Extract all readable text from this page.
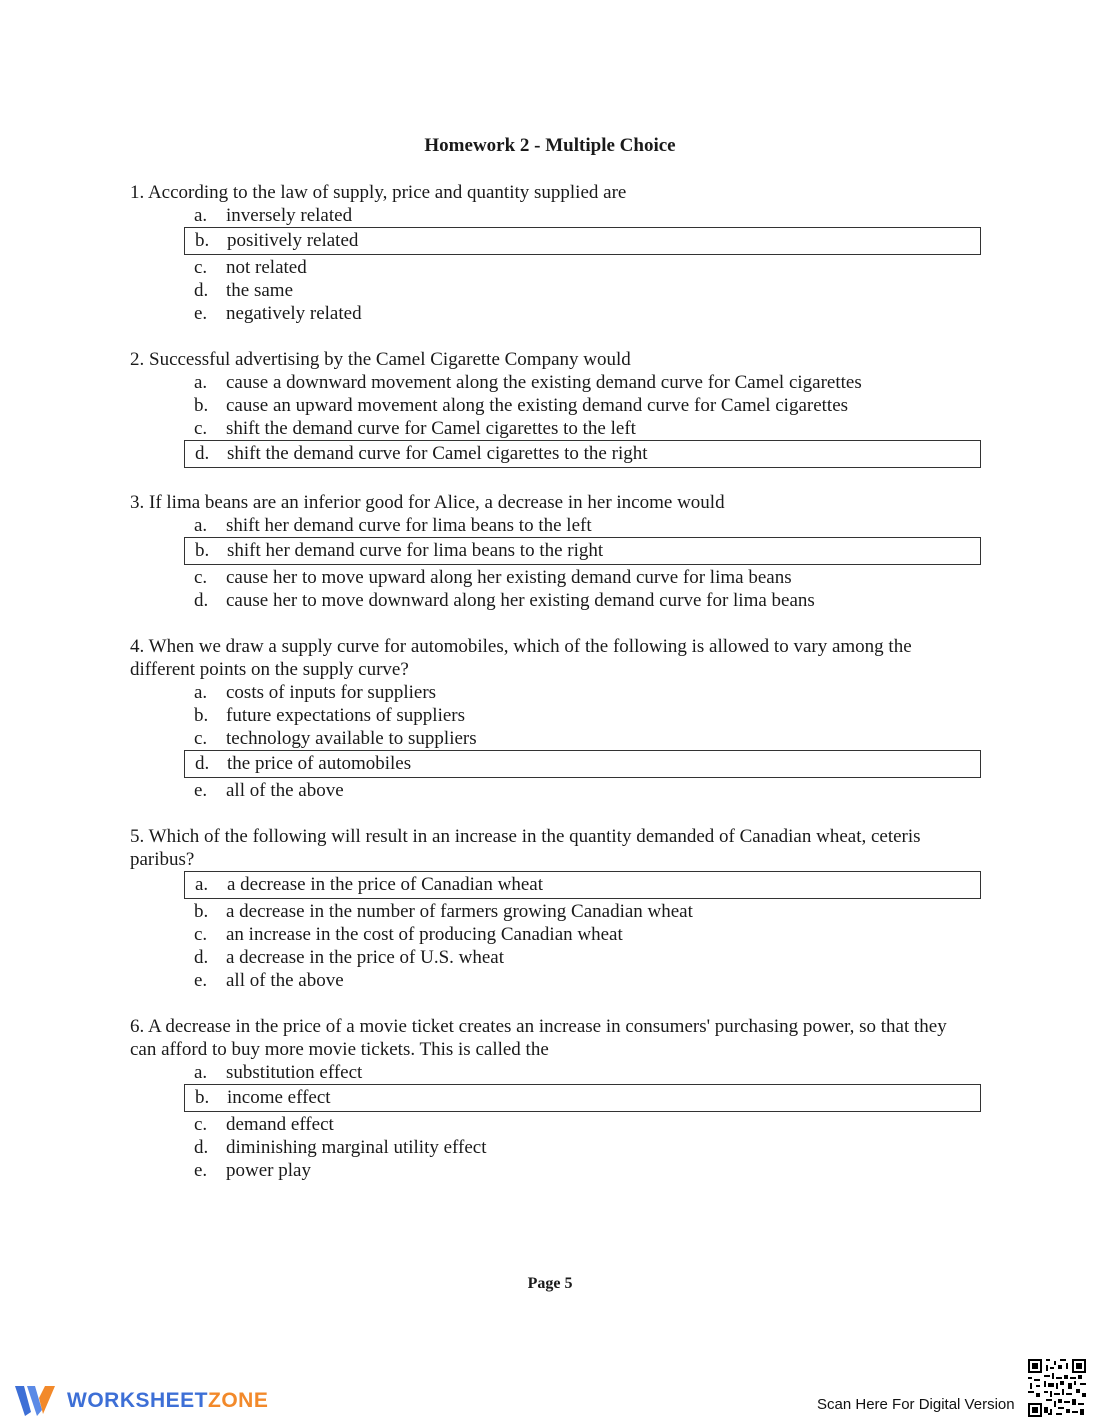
Homework 2 - Multiple Choice

1. According to the law of supply, price and quantity supplied are

a. inversely related
b. positively related
c. not related
d. the same
e. negatively related

2. Successful advertising by the Camel Cigarette Company would

a. cause a downward movement along the existing demand curve for Camel cigarettes
b. cause an upward movement along the existing demand curve for Camel cigarettes
c. shift the demand curve for Camel cigarettes to the left
d. shift the demand curve for Camel cigarettes to the right

3. If lima beans are an inferior good for Alice, a decrease in her income would

a. shift her demand curve for lima beans to the left
b. shift her demand curve for lima beans to the right
c. cause her to move upward along her existing demand curve for lima beans
d. cause her to move downward along her existing demand curve for lima beans

4. When we draw a supply curve for automobiles, which of the following is allowed to vary among the different points on the supply curve?

a. costs of inputs for suppliers
b. future expectations of suppliers
c. technology available to suppliers
d. the price of automobiles
e. all of the above

5. Which of the following will result in an increase in the quantity demanded of Canadian wheat, ceteris paribus?

a. a decrease in the price of Canadian wheat
b. a decrease in the number of farmers growing Canadian wheat
c. an increase in the cost of producing Canadian wheat
d. a decrease in the price of U.S. wheat
e. all of the above

6. A decrease in the price of a movie ticket creates an increase in consumers' purchasing power, so that they can afford to buy more movie tickets. This is called the

a. substitution effect
b. income effect
c. demand effect
d. diminishing marginal utility effect
e. power play
Page 5
WORKSHEETZONE	Scan Here For Digital Version
